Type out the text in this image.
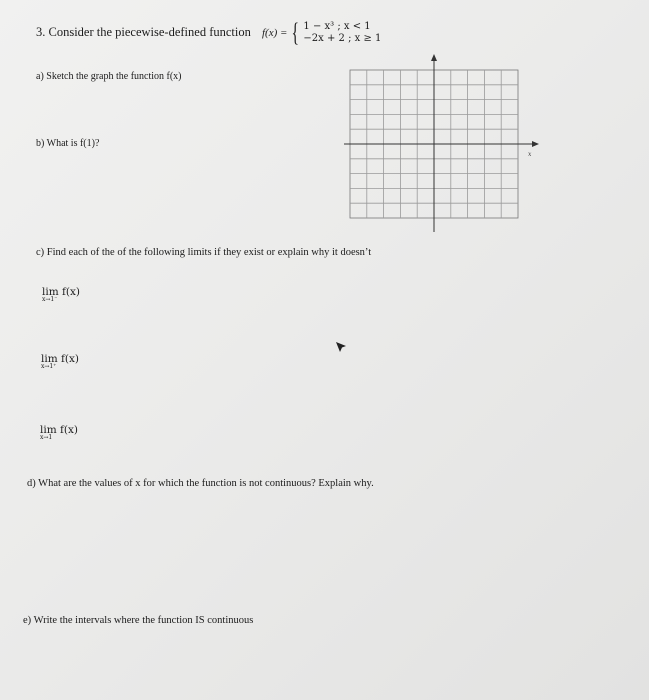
3. Consider the piecewise-defined function f(x) = { 1 − x³ ; x < 1
−2x + 2 ; x ≥ 1
a) Sketch the graph the function f(x)
b) What is f(1)?
x
c) Find each of the of the following limits if they exist or explain why it doesn’t
lim f(x)
x→1⁻
lim f(x)
x→1⁺
lim f(x)
x→1
d) What are the values of x for which the function is not continuous? Explain why.
e) Write the intervals where the function IS continuous
